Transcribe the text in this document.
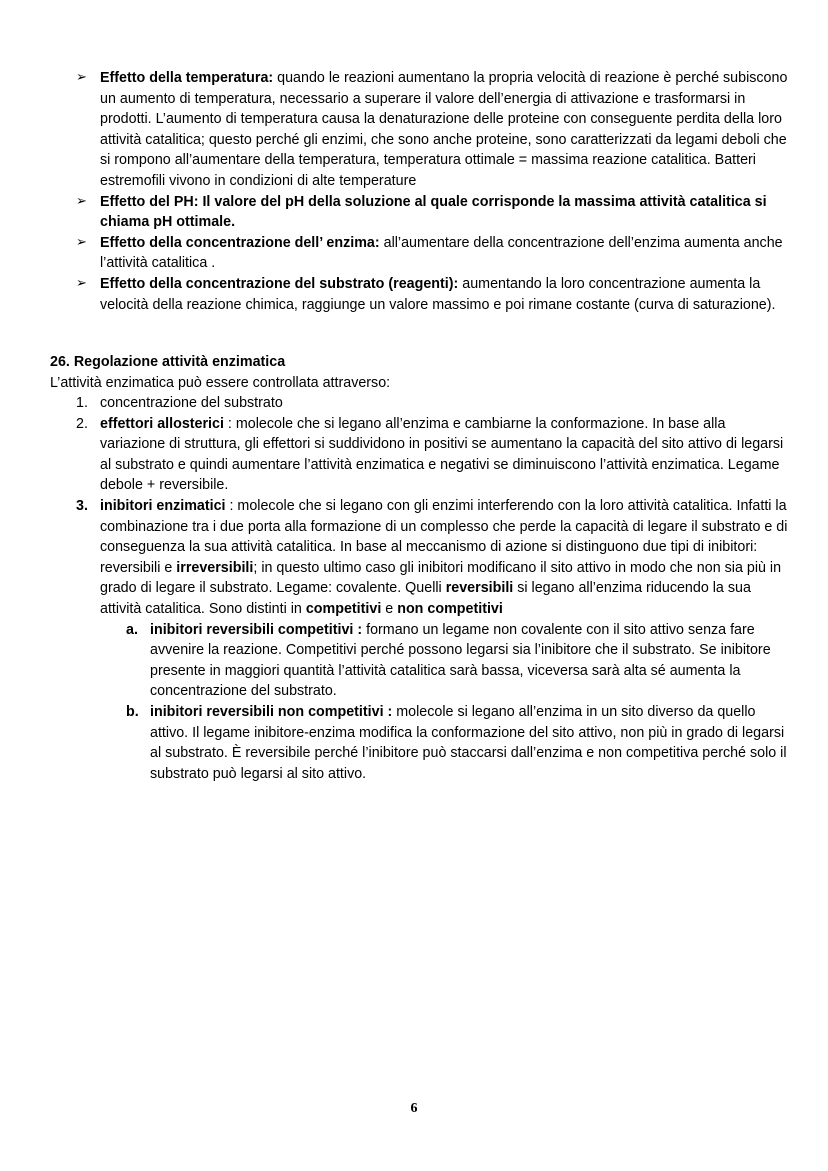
➢ Effetto della temperatura: quando le reazioni aumentano la propria velocità di reazione è perché subiscono un aumento di temperatura, necessario a superare il valore dell’energia di attivazione e trasformarsi in prodotti. L’aumento di temperatura causa la denaturazione delle proteine con conseguente perdita della loro attività catalitica; questo perché gli enzimi, che sono anche proteine, sono caratterizzati da legami deboli che si rompono all’aumentare della temperatura, temperatura ottimale = massima reazione catalitica. Batteri estremofili vivono in condizioni di alte temperature
➢ Effetto del PH: Il valore del pH della soluzione al quale corrisponde la massima attività catalitica si chiama pH ottimale.
➢ Effetto della concentrazione dell’ enzima: all’aumentare della concentrazione dell’enzima aumenta anche l’attività catalitica .
➢ Effetto della concentrazione del substrato (reagenti): aumentando la loro concentrazione aumenta la velocità della reazione chimica, raggiunge un valore massimo e poi rimane costante (curva di saturazione).
26. Regolazione attività enzimatica
L’attività enzimatica può essere controllata attraverso:
1. concentrazione del substrato
2. effettori allosterici : molecole che si legano all’enzima e cambiarne la conformazione. In base alla variazione di struttura, gli effettori si suddividono in positivi se aumentano la capacità del sito attivo di legarsi al substrato e quindi aumentare l’attività enzimatica e negativi se diminuiscono l’attività enzimatica. Legame debole + reversibile.
3. inibitori enzimatici : molecole che si legano con gli enzimi interferendo con la loro attività catalitica. Infatti la combinazione tra i due porta alla formazione di un complesso che perde la capacità di legare il substrato e di conseguenza la sua attività catalitica. In base al meccanismo di azione si distinguono due tipi di inibitori: reversibili e irreversibili; in questo ultimo caso gli inibitori modificano il sito attivo in modo che non sia più in grado di legare il substrato. Legame: covalente. Quelli reversibili si legano all’enzima riducendo la sua attività catalitica. Sono distinti in competitivi e non competitivi
a. inibitori reversibili competitivi : formano un legame non covalente con il sito attivo senza fare avvenire la reazione. Competitivi perché possono legarsi sia l’inibitore che il substrato. Se inibitore presente in maggiori quantità l’attività catalitica sarà bassa, viceversa sarà alta sé aumenta la concentrazione del substrato.
b. inibitori reversibili non competitivi : molecole si legano all’enzima in un sito diverso da quello attivo. Il legame inibitore-enzima modifica la conformazione del sito attivo, non più in grado di legarsi al substrato. È reversibile perché l’inibitore può staccarsi dall’enzima e non competitiva perché solo il substrato può legarsi al sito attivo.
6
